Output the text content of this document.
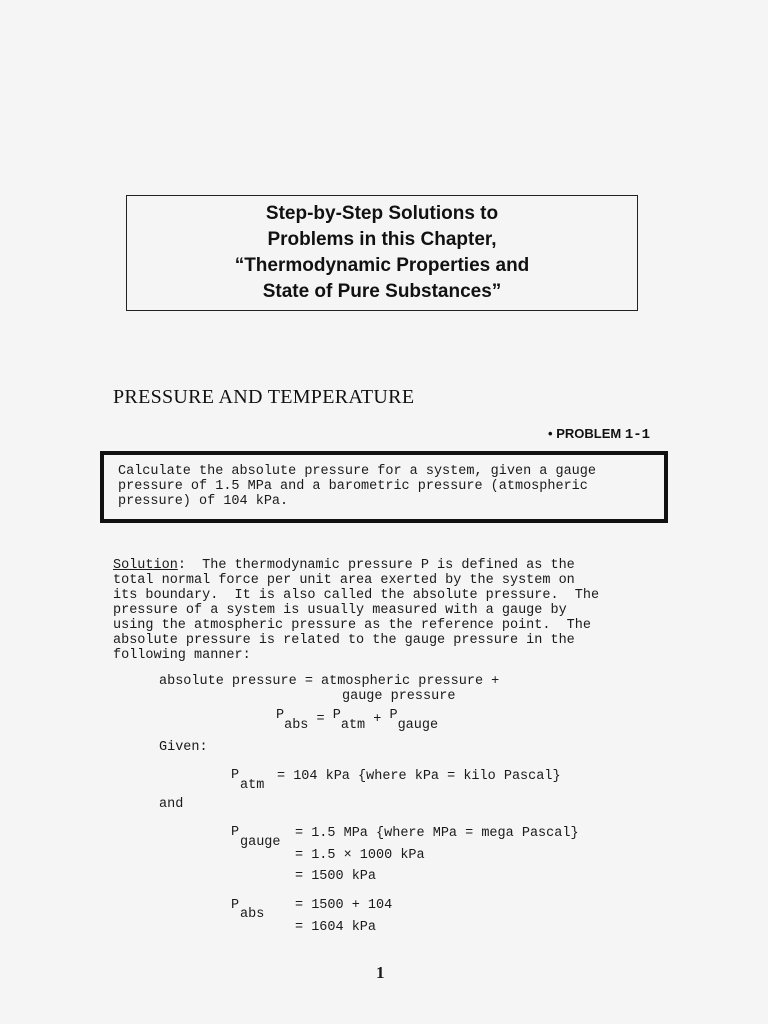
Step-by-Step Solutions to
Problems in this Chapter,
“Thermodynamic Properties and
State of Pure Substances”
PRESSURE AND TEMPERATURE
• PROBLEM 1-1
Calculate the absolute pressure for a system, given a gauge
pressure of 1.5 MPa and a barometric pressure (atmospheric
pressure) of 104 kPa.
Solution:  The thermodynamic pressure P is defined as the
total normal force per unit area exerted by the system on
its boundary.  It is also called the absolute pressure.  The
pressure of a system is usually measured with a gauge by
using the atmospheric pressure as the reference point.  The
absolute pressure is related to the gauge pressure in the
following manner:
absolute pressure = atmospheric pressure +
gauge pressure
Pabs = Patm + Pgauge
Given:
P
atm
= 104 kPa {where kPa = kilo Pascal}
and
P
gauge
= 1.5 MPa {where MPa = mega Pascal}
= 1.5 × 1000 kPa
= 1500 kPa
P
abs
= 1500 + 104
= 1604 kPa
1
